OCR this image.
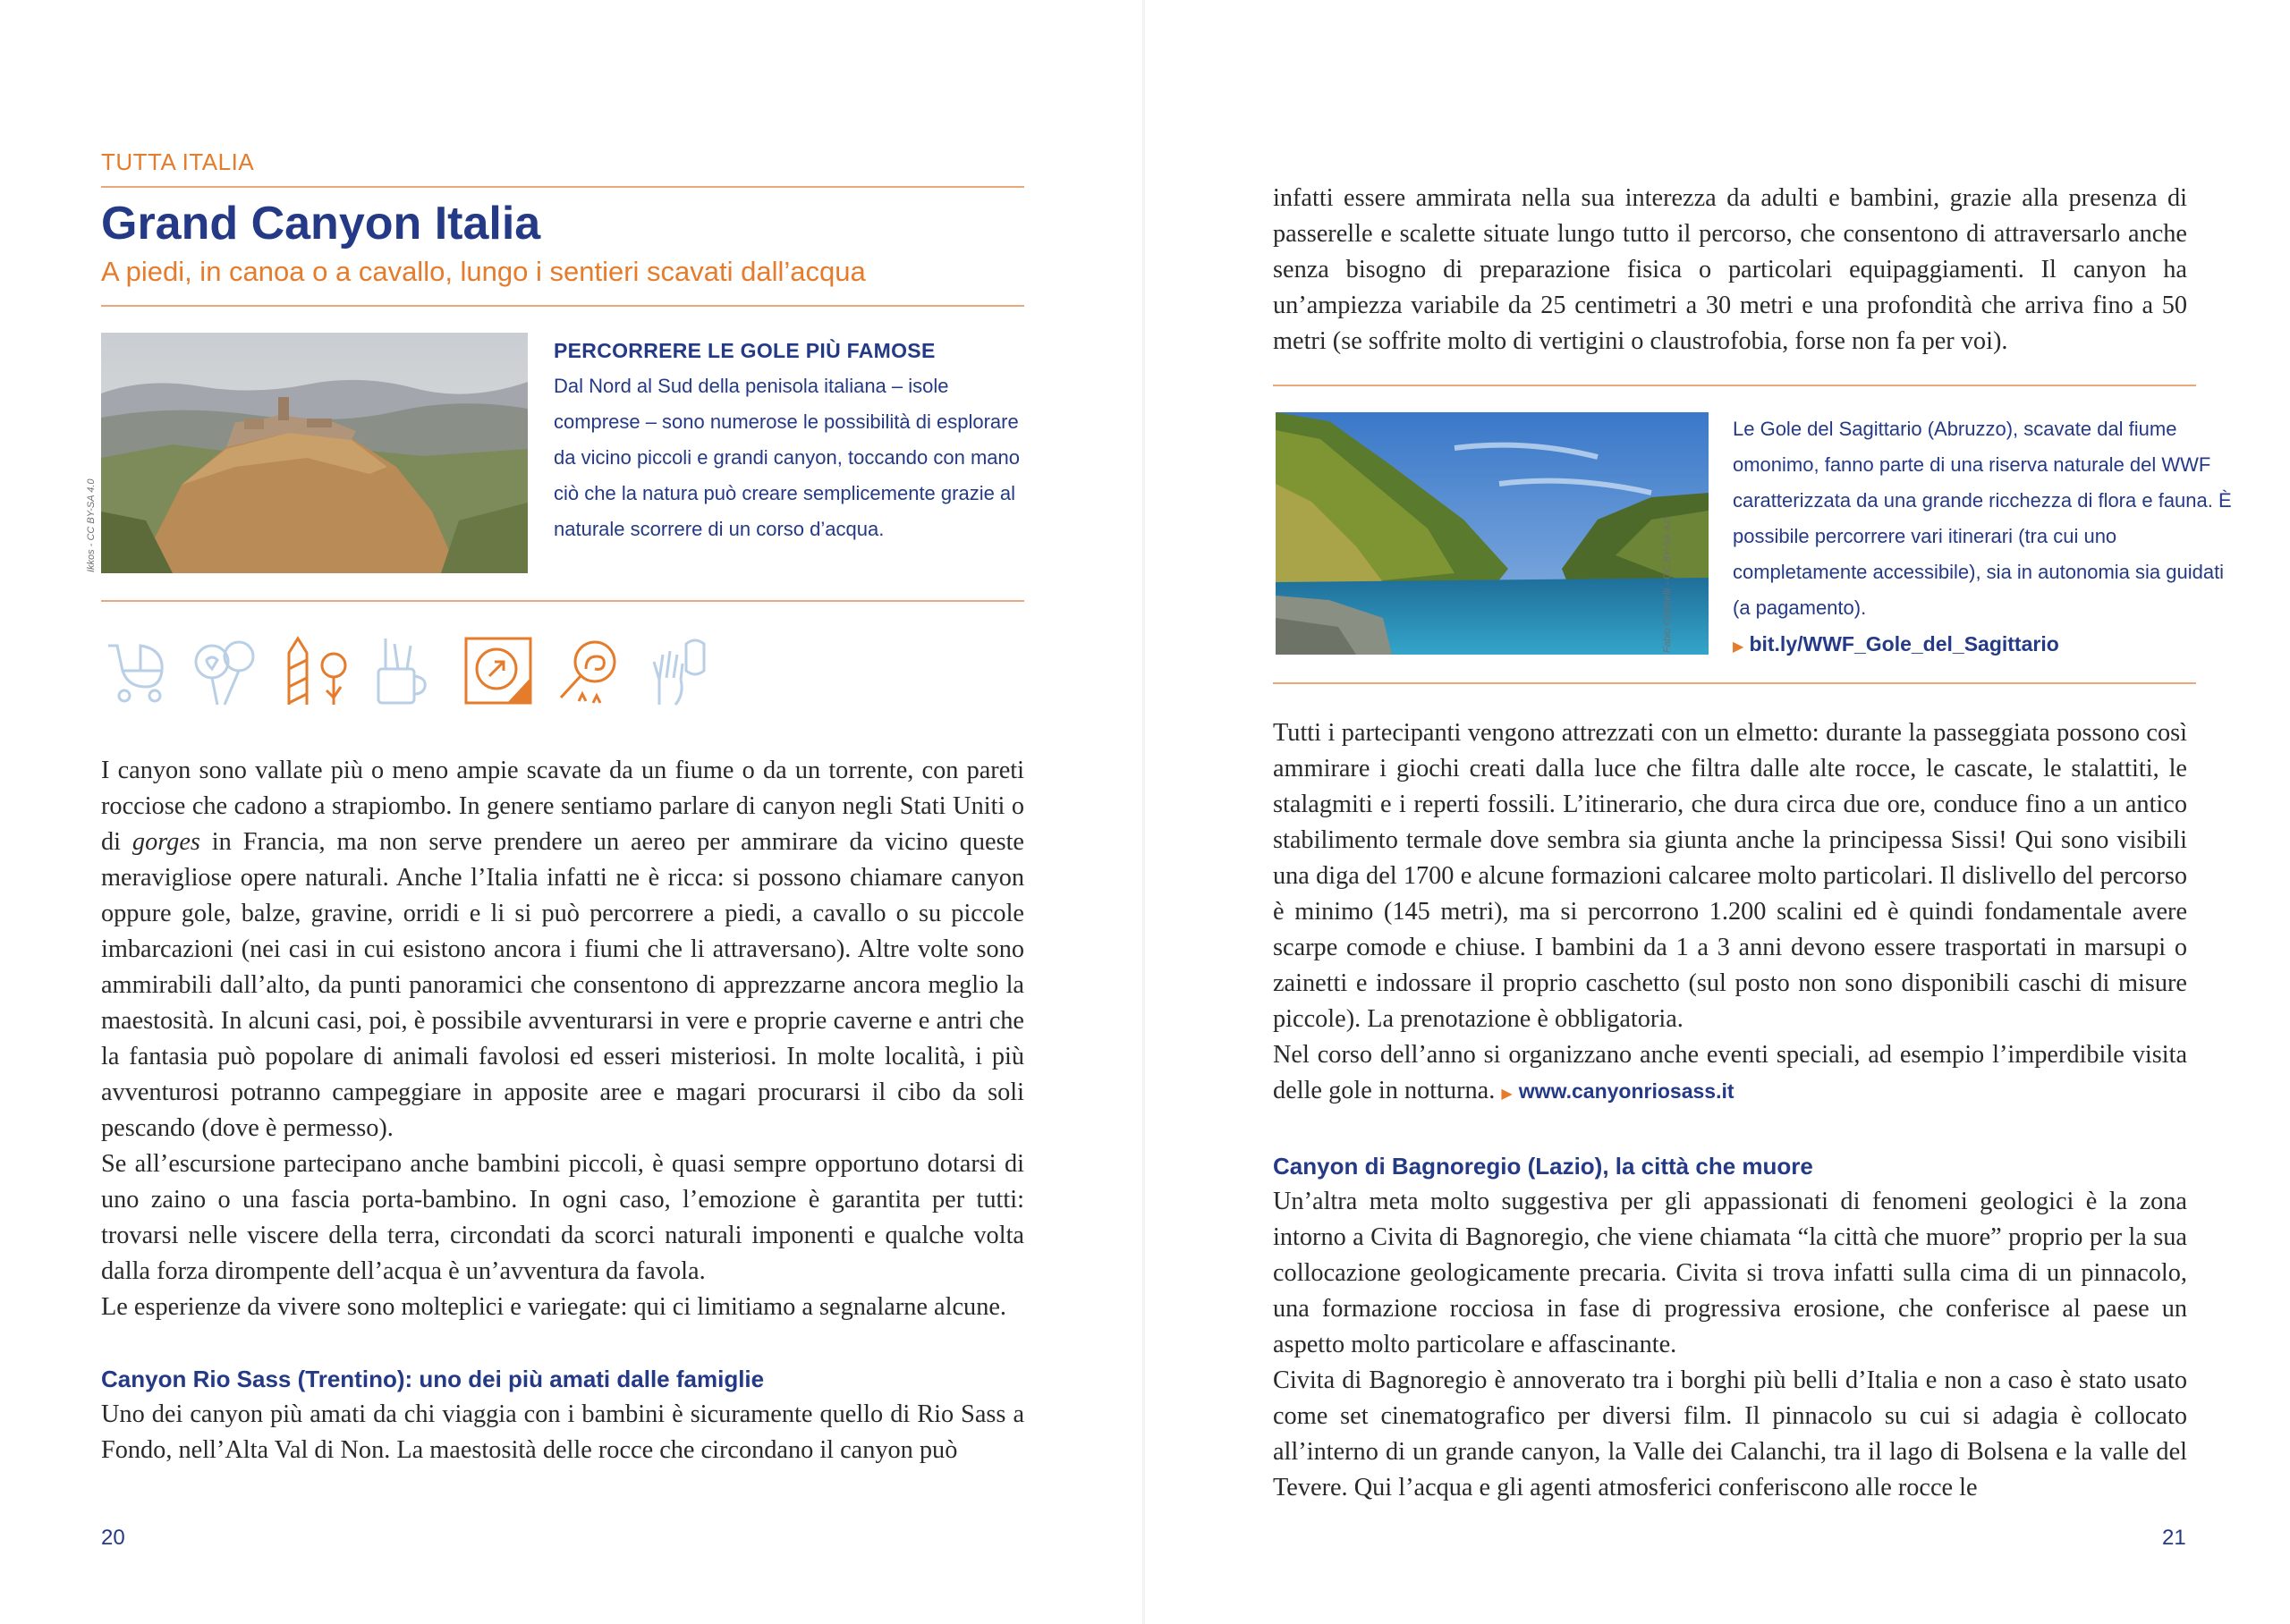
TUTTA ITALIA
Grand Canyon Italia
A piedi, in canoa o a cavallo, lungo i sentieri scavati dall’acqua
Ikkos - CC BY-SA 4.0
PERCORRERE LE GOLE PIÙ FAMOSE
Dal Nord al Sud della penisola italiana – isole comprese – sono numerose le possibilità di esplorare da vicino piccoli e grandi canyon, toccando con mano ciò che la natura può creare semplicemente grazie al naturale scorrere di un corso d’acqua.

I canyon sono vallate più o meno ampie scavate da un fiume o da un torrente, con pareti rocciose che cadono a strapiombo. In genere sentiamo parlare di canyon negli Stati Uniti o di gorges in Francia, ma non serve prendere un aereo per ammirare da vicino queste meravigliose opere naturali. Anche l’Italia infatti ne è ricca: si possono chiamare canyon oppure gole, balze, gravine, orridi e li si può percorrere a piedi, a cavallo o su piccole imbarcazioni (nei casi in cui esistono ancora i fiumi che li attraversano). Altre volte sono ammirabili dall’alto, da punti panoramici che consentono di apprezzarne ancora meglio la maestosità. In alcuni casi, poi, è possibile avventurarsi in vere e proprie caverne e antri che la fantasia può popolare di animali favolosi ed esseri misteriosi. In molte località, i più avventurosi potranno campeggiare in apposite aree e magari procurarsi il cibo da soli pescando (dove è permesso).

Se all’escursione partecipano anche bambini piccoli, è quasi sempre opportuno dotarsi di uno zaino o una fascia porta-bambino. In ogni caso, l’emozione è garantita per tutti: trovarsi nelle viscere della terra, circondati da scorci naturali imponenti e qualche volta dalla forza dirompente dell’acqua è un’avventura da favola.

Le esperienze da vivere sono molteplici e variegate: qui ci limitiamo a segnalarne alcune.

Canyon Rio Sass (Trentino): uno dei più amati dalle famiglie

Uno dei canyon più amati da chi viaggia con i bambini è sicuramente quello di Rio Sass a Fondo, nell’Alta Val di Non. La maestosità delle rocce che circondano il canyon può

20

infatti essere ammirata nella sua interezza da adulti e bambini, grazie alla presenza di passerelle e scalette situate lungo tutto il percorso, che consentono di attraversarlo anche senza bisogno di preparazione fisica o particolari equipaggiamenti. Il canyon ha un’ampiezza variabile da 25 centimetri a 30 metri e una profondità che arriva fino a 50 metri (se soffrite molto di vertigini o claustrofobia, forse non fa per voi).

Fabio Ciminelli - CC BY-SA 4.0
Le Gole del Sagittario (Abruzzo), scavate dal fiume omonimo, fanno parte di una riserva naturale del WWF caratterizzata da una grande ricchezza di flora e fauna. È possibile percorrere vari itinerari (tra cui uno completamente accessibile), sia in autonomia sia guidati (a pagamento).
▶ bit.ly/WWF_Gole_del_Sagittario

Tutti i partecipanti vengono attrezzati con un elmetto: durante la passeggiata possono così ammirare i giochi creati dalla luce che filtra dalle alte rocce, le cascate, le stalattiti, le stalagmiti e i reperti fossili. L’itinerario, che dura circa due ore, conduce fino a un antico stabilimento termale dove sembra sia giunta anche la principessa Sissi! Qui sono visibili una diga del 1700 e alcune formazioni calcaree molto particolari. Il dislivello del percorso è minimo (145 metri), ma si percorrono 1.200 scalini ed è quindi fondamentale avere scarpe comode e chiuse. I bambini da 1 a 3 anni devono essere trasportati in marsupi o zainetti e indossare il proprio caschetto (sul posto non sono disponibili caschi di misure piccole). La prenotazione è obbligatoria.

Nel corso dell’anno si organizzano anche eventi speciali, ad esempio l’imperdibile visita delle gole in notturna. ▶ www.canyonriosass.it

Canyon di Bagnoregio (Lazio), la città che muore

Un’altra meta molto suggestiva per gli appassionati di fenomeni geologici è la zona intorno a Civita di Bagnoregio, che viene chiamata “la città che muore” proprio per la sua collocazione geologicamente precaria. Civita si trova infatti sulla cima di un pinnacolo, una formazione rocciosa in fase di progressiva erosione, che conferisce al paese un aspetto molto particolare e affascinante.

Civita di Bagnoregio è annoverato tra i borghi più belli d’Italia e non a caso è stato usato come set cinematografico per diversi film. Il pinnacolo su cui si adagia è collocato all’interno di un grande canyon, la Valle dei Calanchi, tra il lago di Bolsena e la valle del Tevere. Qui l’acqua e gli agenti atmosferici conferiscono alle rocce le

21
